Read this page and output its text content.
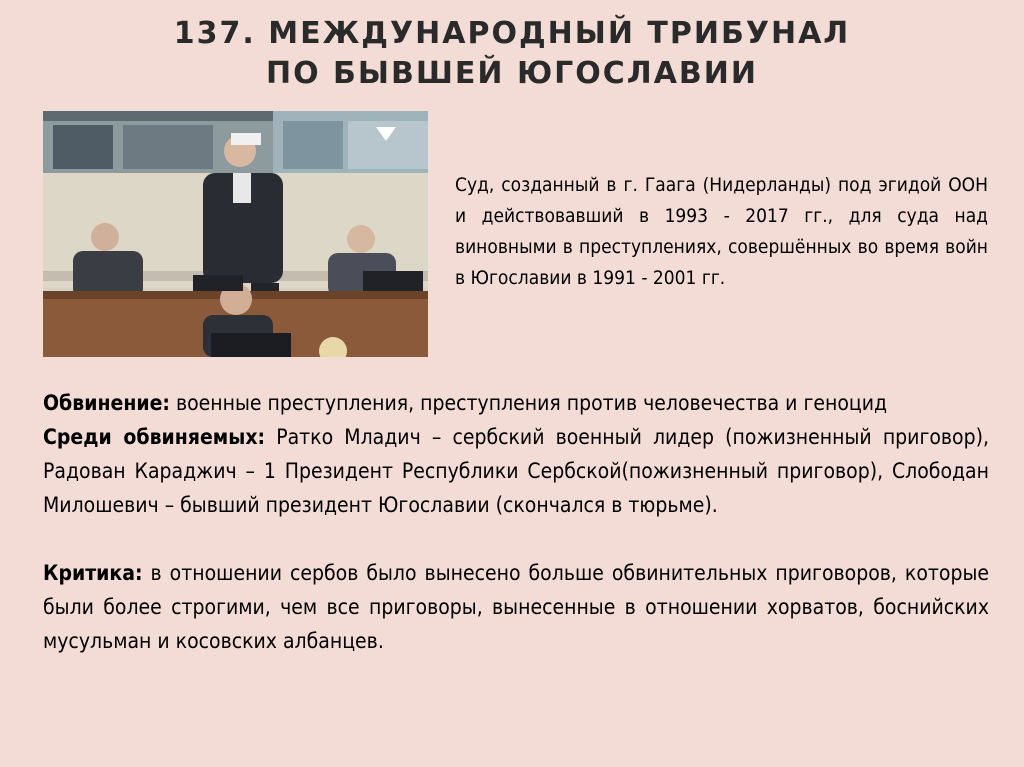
137. МЕЖДУНАРОДНЫЙ ТРИБУНАЛ
ПО БЫВШЕЙ ЮГОСЛАВИИ
Суд, созданный в г. Гаага (Нидерланды) под эгидой ООН и действовавший в 1993 - 2017 гг., для суда над виновными в преступлениях, совершённых во время войн в Югославии в 1991 - 2001 гг.

Обвинение: военные преступления, преступления против человечества и геноцид

Среди обвиняемых: Ратко Младич – сербский военный лидер (пожизненный приговор), Радован Караджич – 1 Президент Республики Сербской(пожизненный приговор), Слободан Милошевич – бывший президент Югославии (скончался в тюрьме).

Критика: в отношении сербов было вынесено больше обвинительных приговоров, которые были более строгими, чем все приговоры, вынесенные в отношении хорватов, боснийских мусульман и косовских албанцев.
